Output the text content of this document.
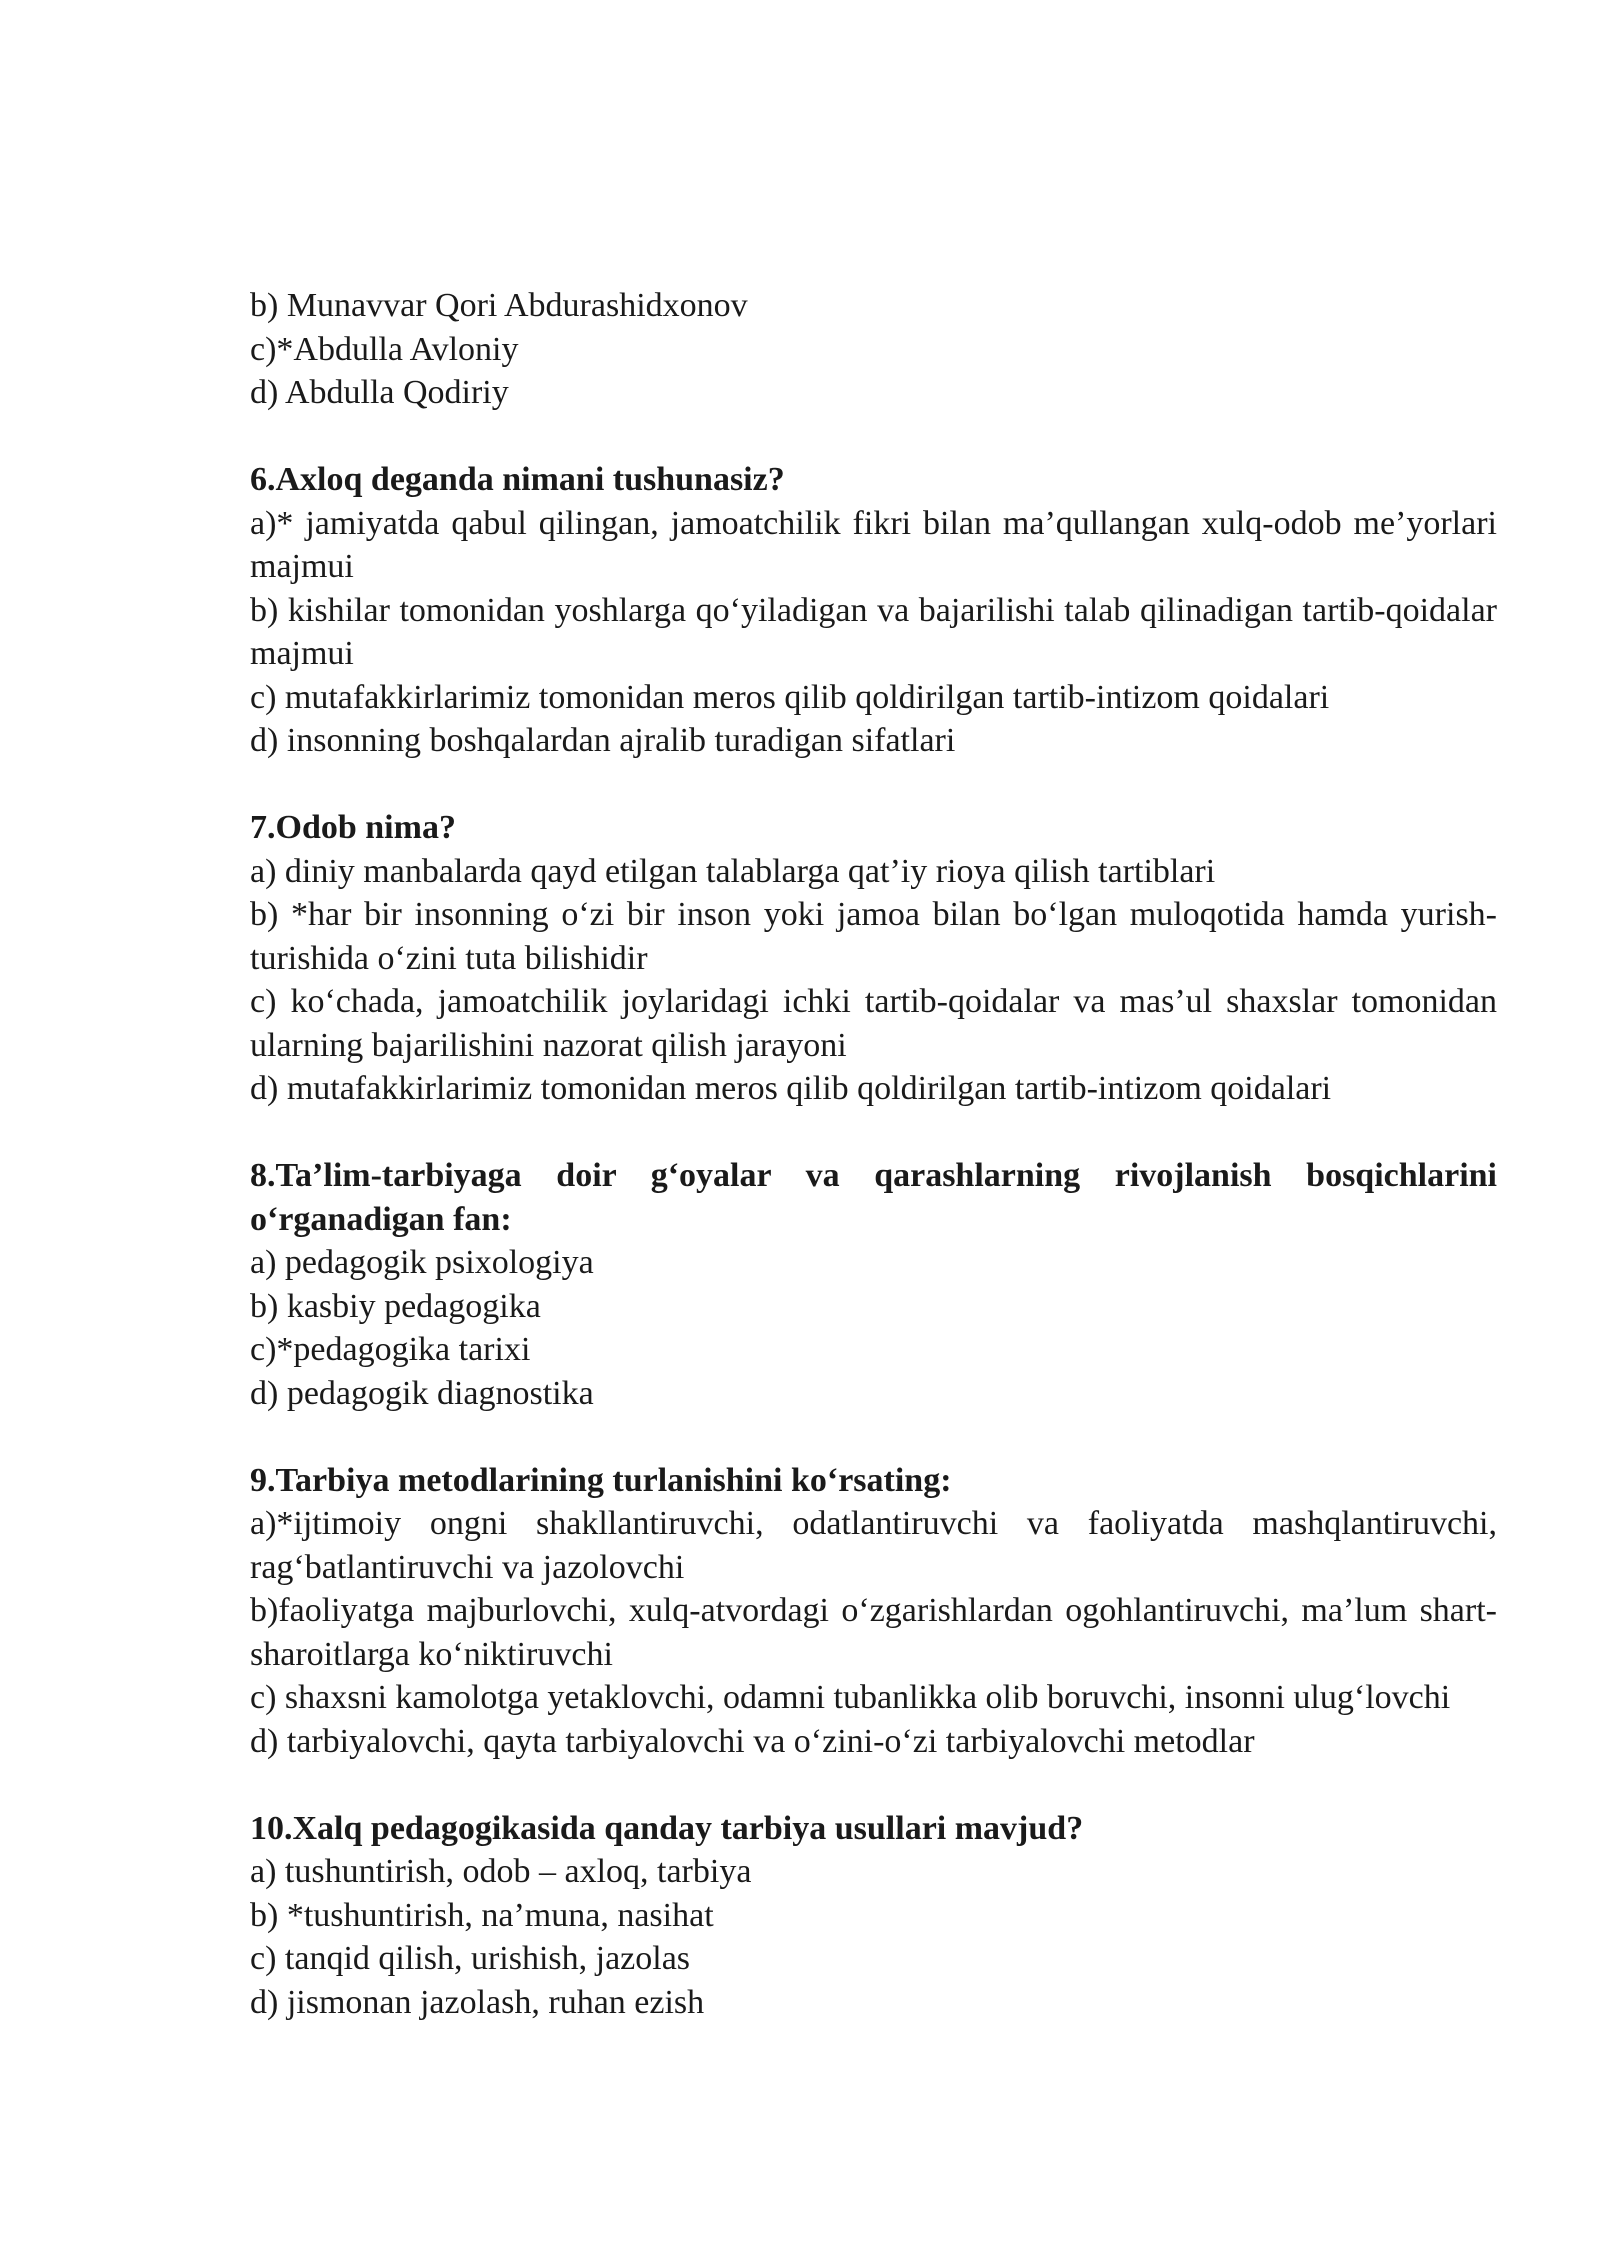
b) Munavvar Qori Abdurashidxonov

c)*Abdulla Avloniy

d) Abdulla Qodiriy

6.Axloq deganda nimani tushunasiz?

a)* jamiyatda qabul qilingan, jamoatchilik fikri bilan ma’qullangan xulq-odob me’yorlari majmui

b) kishilar tomonidan yoshlarga qo‘yiladigan va bajarilishi talab qilinadigan tartib-qoidalar majmui

c) mutafakkirlarimiz tomonidan meros qilib qoldirilgan tartib-intizom qoidalari

d) insonning boshqalardan ajralib turadigan sifatlari

7.Odob nima?

a) diniy manbalarda qayd etilgan talablarga qat’iy rioya qilish tartiblari

b) *har bir insonning o‘zi bir inson yoki jamoa bilan bo‘lgan muloqotida hamda yurish-turishida o‘zini tuta bilishidir

c) ko‘chada, jamoatchilik joylaridagi ichki tartib-qoidalar va mas’ul shaxslar tomonidan ularning bajarilishini nazorat qilish jarayoni

d) mutafakkirlarimiz tomonidan meros qilib qoldirilgan tartib-intizom qoidalari

8.Ta’lim-tarbiyaga doir g‘oyalar va qarashlarning rivojlanish bosqichlarini o‘rganadigan fan:

a) pedagogik psixologiya

b) kasbiy pedagogika

c)*pedagogika tarixi

d) pedagogik diagnostika

9.Tarbiya metodlarining turlanishini ko‘rsating:

a)*ijtimoiy ongni shakllantiruvchi, odatlantiruvchi va faoliyatda mashqlantiruvchi, rag‘batlantiruvchi va jazolovchi

b)faoliyatga majburlovchi, xulq-atvordagi o‘zgarishlardan ogohlantiruvchi, ma’lum shart-sharoitlarga ko‘niktiruvchi

c) shaxsni kamolotga yetaklovchi, odamni tubanlikka olib boruvchi, insonni ulug‘lovchi

d) tarbiyalovchi, qayta tarbiyalovchi va o‘zini-o‘zi tarbiyalovchi metodlar

10.Xalq pedagogikasida qanday tarbiya usullari mavjud?

a) tushuntirish, odob – axloq, tarbiya

b) *tushuntirish, na’muna, nasihat

c) tanqid qilish, urishish, jazolas

d) jismonan jazolash, ruhan ezish
